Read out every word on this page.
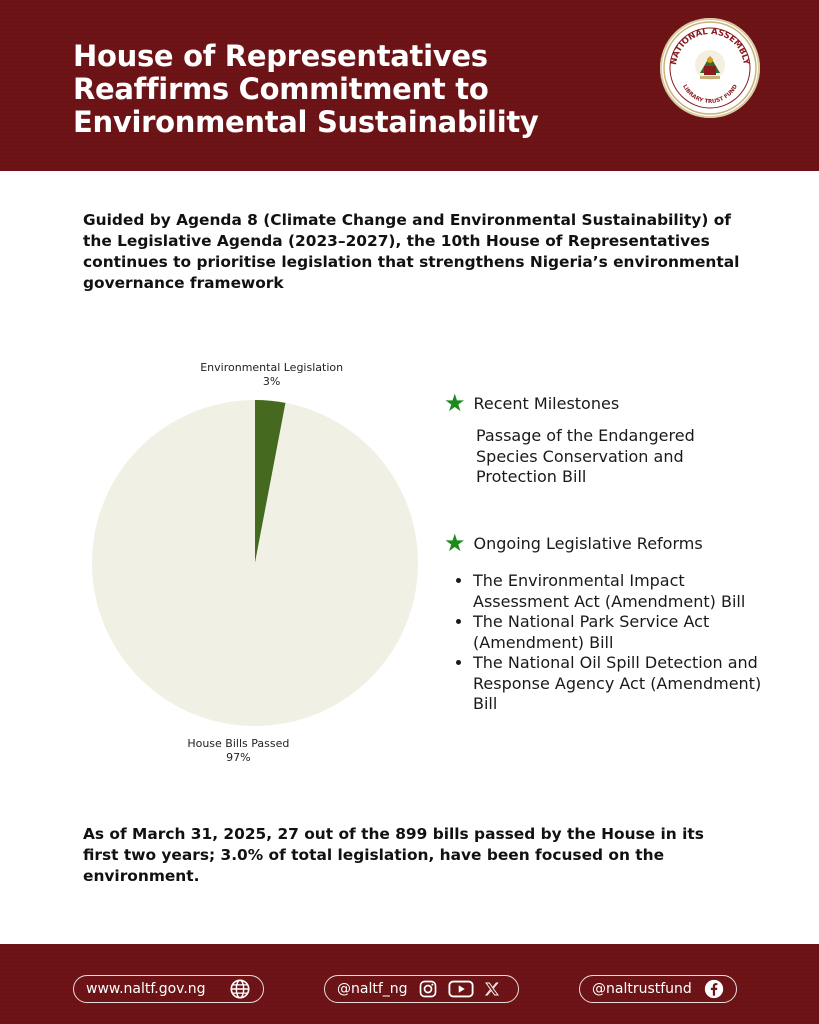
House of Representatives
Reaffirms Commitment to
Environmental Sustainability
NATIONAL ASSEMBLY
LIBRARY TRUST FUND
Guided by Agenda 8 (Climate Change and Environmental Sustainability) of the Legislative Agenda (2023–2027), the 10th House of Representatives continues to prioritise legislation that strengthens Nigeria’s environmental governance framework
Environmental Legislation
3%
House Bills Passed
97%
★ Recent Milestones
Passage of the Endangered Species Conservation and Protection Bill
★ Ongoing Legislative Reforms
• The Environmental Impact Assessment Act (Amendment) Bill
• The National Park Service Act (Amendment) Bill
• The National Oil Spill Detection and Response Agency Act (Amendment) Bill
As of March 31, 2025, 27 out of the 899 bills passed by the House in its first two years; 3.0% of total legislation, have been focused on the environment.
www.naltf.gov.ng	@naltf_ng	@naltrustfund
